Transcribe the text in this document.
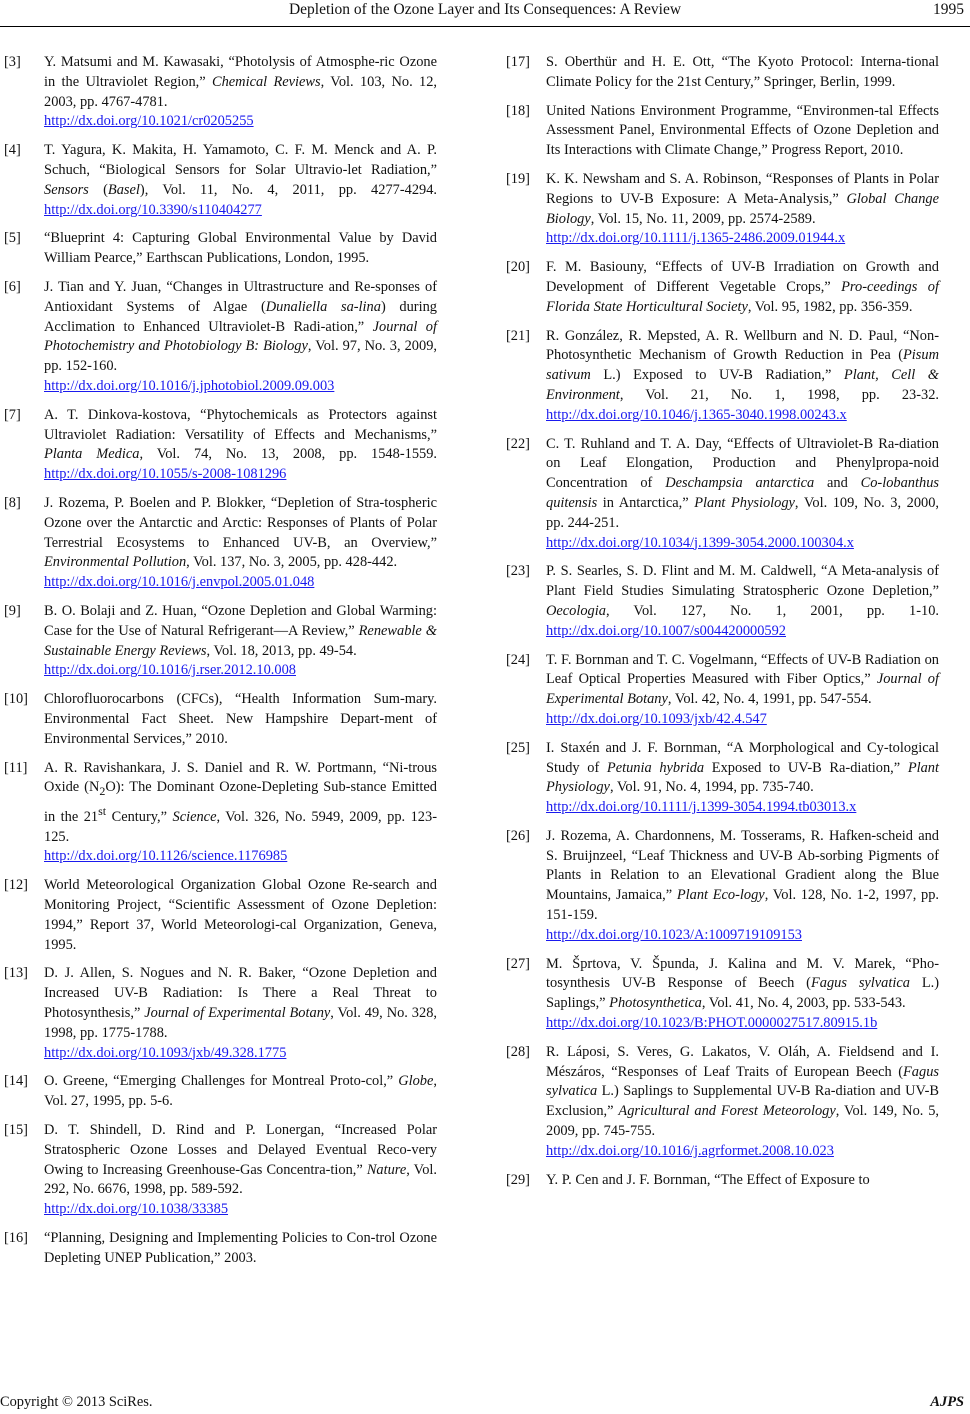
Depletion of the Ozone Layer and Its Consequences: A Review	1995
[3] Y. Matsumi and M. Kawasaki, “Photolysis of Atmosphe-ric Ozone in the Ultraviolet Region,” Chemical Reviews, Vol. 103, No. 12, 2003, pp. 4767-4781.
http://dx.doi.org/10.1021/cr0205255
[4] T. Yagura, K. Makita, H. Yamamoto, C. F. M. Menck and A. P. Schuch, “Biological Sensors for Solar Ultravio-let Radiation,” Sensors (Basel), Vol. 11, No. 4, 2011, pp. 4277-4294. http://dx.doi.org/10.3390/s110404277
[5] “Blueprint 4: Capturing Global Environmental Value by David William Pearce,” Earthscan Publications, London, 1995.
[6] J. Tian and Y. Juan, “Changes in Ultrastructure and Re-sponses of Antioxidant Systems of Algae (Dunaliella sa-lina) during Acclimation to Enhanced Ultraviolet-B Radi-ation,” Journal of Photochemistry and Photobiology B: Biology, Vol. 97, No. 3, 2009, pp. 152-160.
http://dx.doi.org/10.1016/j.jphotobiol.2009.09.003
[7] A. T. Dinkova-kostova, “Phytochemicals as Protectors against Ultraviolet Radiation: Versatility of Effects and Mechanisms,” Planta Medica, Vol. 74, No. 13, 2008, pp. 1548-1559. http://dx.doi.org/10.1055/s-2008-1081296
[8] J. Rozema, P. Boelen and P. Blokker, “Depletion of Stra-tospheric Ozone over the Antarctic and Arctic: Responses of Plants of Polar Terrestrial Ecosystems to Enhanced UV-B, an Overview,” Environmental Pollution, Vol. 137, No. 3, 2005, pp. 428-442.
http://dx.doi.org/10.1016/j.envpol.2005.01.048
[9] B. O. Bolaji and Z. Huan, “Ozone Depletion and Global Warming: Case for the Use of Natural Refrigerant—A Review,” Renewable & Sustainable Energy Reviews, Vol. 18, 2013, pp. 49-54.
http://dx.doi.org/10.1016/j.rser.2012.10.008
[10] Chlorofluorocarbons (CFCs), “Health Information Sum-mary. Environmental Fact Sheet. New Hampshire Depart-ment of Environmental Services,” 2010.
[11] A. R. Ravishankara, J. S. Daniel and R. W. Portmann, “Ni-trous Oxide $(N_2O)$: The Dominant Ozone-Depleting Sub-stance Emitted in the 21st Century,” Science, Vol. 326, No. 5949, 2009, pp. 123-125.
http://dx.doi.org/10.1126/science.1176985
[12] World Meteorological Organization Global Ozone Re-search and Monitoring Project, “Scientific Assessment of Ozone Depletion: 1994,” Report 37, World Meteorologi-cal Organization, Geneva, 1995.
[13] D. J. Allen, S. Nogues and N. R. Baker, “Ozone Depletion and Increased UV-B Radiation: Is There a Real Threat to Photosynthesis,” Journal of Experimental Botany, Vol. 49, No. 328, 1998, pp. 1775-1788.
http://dx.doi.org/10.1093/jxb/49.328.1775
[14] O. Greene, “Emerging Challenges for Montreal Proto-col,” Globe, Vol. 27, 1995, pp. 5-6.
[15] D. T. Shindell, D. Rind and P. Lonergan, “Increased Polar Stratospheric Ozone Losses and Delayed Eventual Reco-very Owing to Increasing Greenhouse-Gas Concentra-tion,” Nature, Vol. 292, No. 6676, 1998, pp. 589-592.
http://dx.doi.org/10.1038/33385
[16] “Planning, Designing and Implementing Policies to Con-trol Ozone Depleting UNEP Publication,” 2003.
[17] S. Oberthür and H. E. Ott, “The Kyoto Protocol: Interna-tional Climate Policy for the 21st Century,” Springer, Berlin, 1999.
[18] United Nations Environment Programme, “Environmen-tal Effects Assessment Panel, Environmental Effects of Ozone Depletion and Its Interactions with Climate Change,” Progress Report, 2010.
[19] K. K. Newsham and S. A. Robinson, “Responses of Plants in Polar Regions to UV-B Exposure: A Meta-Analysis,” Global Change Biology, Vol. 15, No. 11, 2009, pp. 2574-2589.
http://dx.doi.org/10.1111/j.1365-2486.2009.01944.x
[20] F. M. Basiouny, “Effects of UV-B Irradiation on Growth and Development of Different Vegetable Crops,” Pro-ceedings of Florida State Horticultural Society, Vol. 95, 1982, pp. 356-359.
[21] R. González, R. Mepsted, A. R. Wellburn and N. D. Paul, “Non-Photosynthetic Mechanism of Growth Reduction in Pea (Pisum sativum L.) Exposed to UV-B Radiation,” Plant, Cell & Environment, Vol. 21, No. 1, 1998, pp. 23-32. http://dx.doi.org/10.1046/j.1365-3040.1998.00243.x
[22] C. T. Ruhland and T. A. Day, “Effects of Ultraviolet-B Ra-diation on Leaf Elongation, Production and Phenylpropa-noid Concentration of Deschampsia antarctica and Co-lobanthus quitensis in Antarctica,” Plant Physiology, Vol. 109, No. 3, 2000, pp. 244-251.
http://dx.doi.org/10.1034/j.1399-3054.2000.100304.x
[23] P. S. Searles, S. D. Flint and M. M. Caldwell, “A Meta-analysis of Plant Field Studies Simulating Stratospheric Ozone Depletion,” Oecologia, Vol. 127, No. 1, 2001, pp. 1-10. http://dx.doi.org/10.1007/s004420000592
[24] T. F. Bornman and T. C. Vogelmann, “Effects of UV-B Radiation on Leaf Optical Properties Measured with Fiber Optics,” Journal of Experimental Botany, Vol. 42, No. 4, 1991, pp. 547-554.
http://dx.doi.org/10.1093/jxb/42.4.547
[25] I. Staxén and J. F. Bornman, “A Morphological and Cy-tological Study of Petunia hybrida Exposed to UV-B Ra-diation,” Plant Physiology, Vol. 91, No. 4, 1994, pp. 735-740.
http://dx.doi.org/10.1111/j.1399-3054.1994.tb03013.x
[26] J. Rozema, A. Chardonnens, M. Tosserams, R. Hafken-scheid and S. Bruijnzeel, “Leaf Thickness and UV-B Ab-sorbing Pigments of Plants in Relation to an Elevational Gradient along the Blue Mountains, Jamaica,” Plant Eco-logy, Vol. 128, No. 1-2, 1997, pp. 151-159.
http://dx.doi.org/10.1023/A:1009719109153
[27] M. Šprtova, V. Špunda, J. Kalina and M. V. Marek, “Pho-tosynthesis UV-B Response of Beech (Fagus sylvatica L.) Saplings,” Photosynthetica, Vol. 41, No. 4, 2003, pp. 533-543.
http://dx.doi.org/10.1023/B:PHOT.0000027517.80915.1b
[28] R. Láposi, S. Veres, G. Lakatos, V. Oláh, A. Fieldsend and I. Mészáros, “Responses of Leaf Traits of European Beech (Fagus sylvatica L.) Saplings to Supplemental UV-B Ra-diation and UV-B Exclusion,” Agricultural and Forest Meteorology, Vol. 149, No. 5, 2009, pp. 745-755.
http://dx.doi.org/10.1016/j.agrformet.2008.10.023
[29] Y. P. Cen and J. F. Bornman, “The Effect of Exposure to
Copyright © 2013 SciRes.	AJPS
